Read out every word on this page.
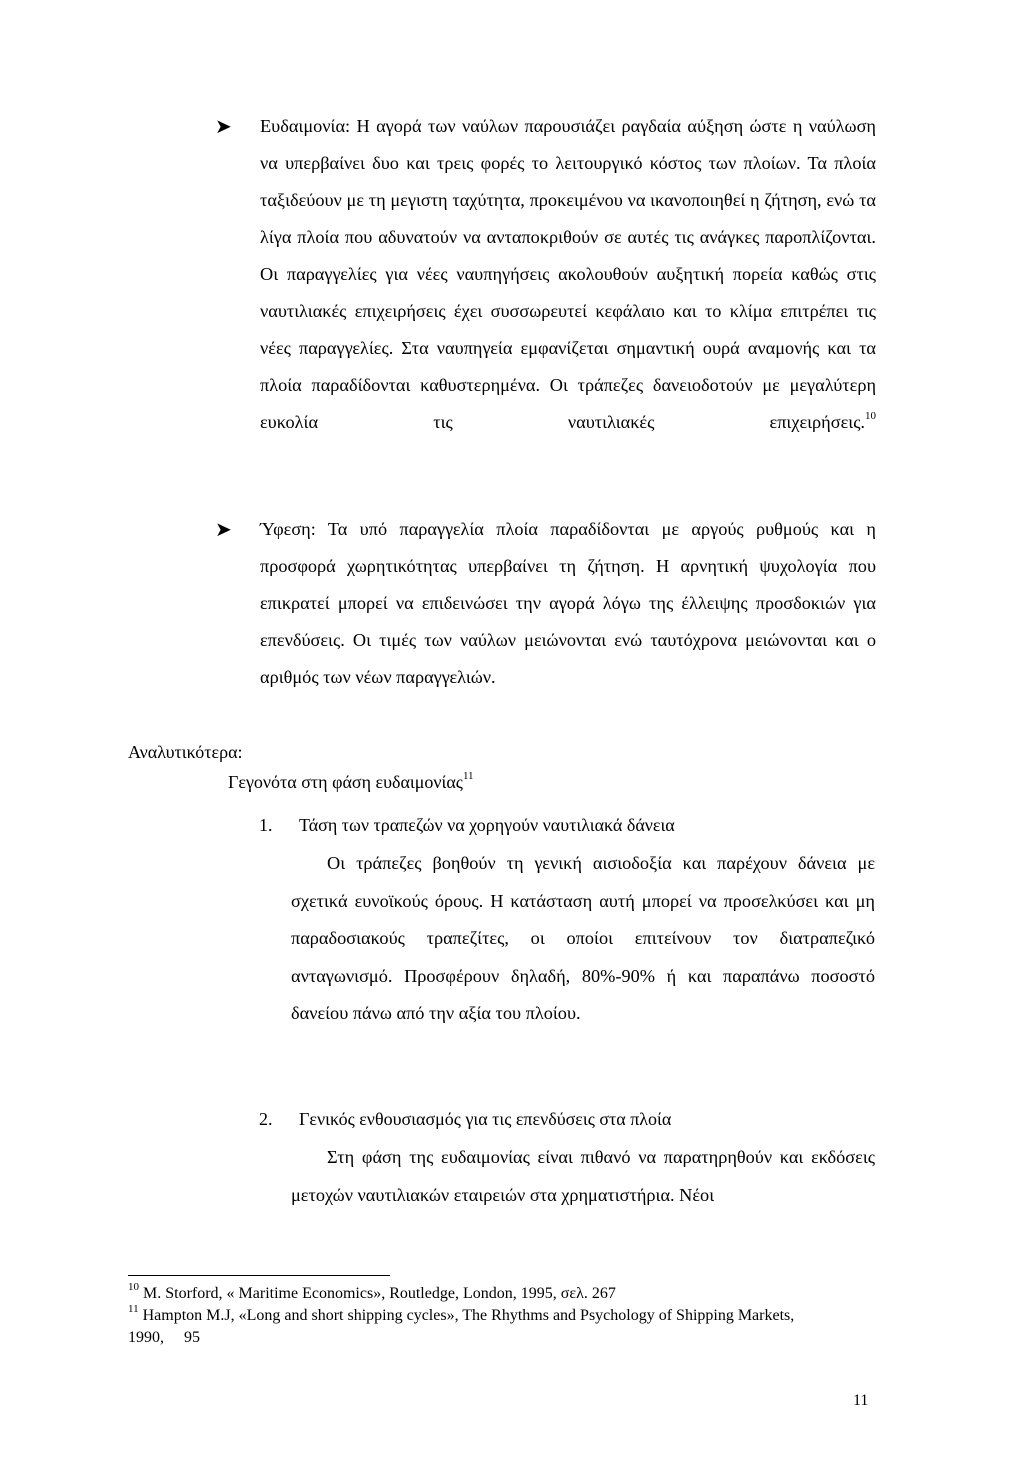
➤	Ευδαιμονία: Η αγορά των ναύλων παρουσιάζει ραγδαία αύξηση ώστε η ναύλωση να υπερβαίνει δυο και τρεις φορές το λειτουργικό κόστος των πλοίων. Τα πλοία ταξιδεύουν με τη μεγιστη ταχύτητα, προκειμένου να ικανοποιηθεί η ζήτηση, ενώ τα λίγα πλοία που αδυνατούν να ανταποκριθούν σε αυτές τις ανάγκες παροπλίζονται. Οι παραγγελίες για νέες ναυπηγήσεις ακολουθούν αυξητική πορεία καθώς στις ναυτιλιακές επιχειρήσεις έχει συσσωρευτεί κεφάλαιο και το κλίμα επιτρέπει τις νέες παραγγελίες. Στα ναυπηγεία εμφανίζεται σημαντική ουρά αναμονής και τα πλοία παραδίδονται καθυστερημένα. Οι τράπεζες δανειοδοτούν με μεγαλύτερη ευκολία τις ναυτιλιακές επιχειρήσεις.$^{10}$
➤	Ύφεση: Τα υπό παραγγελία πλοία παραδίδονται με αργούς ρυθμούς και η προσφορά χωρητικότητας υπερβαίνει τη ζήτηση. Η αρνητική ψυχολογία που επικρατεί μπορεί να επιδεινώσει την αγορά λόγω της έλλειψης προσδοκιών για επενδύσεις. Οι τιμές των ναύλων μειώνονται ενώ ταυτόχρονα μειώνονται και ο αριθμός των νέων παραγγελιών.
Αναλυτικότερα:
Γεγονότα στη φάση ευδαιμονίας$^{11}$
1. Τάση των τραπεζών να χορηγούν ναυτιλιακά δάνεια
Οι τράπεζες βοηθούν τη γενική αισιοδοξία και παρέχουν δάνεια με σχετικά ευνοϊκούς όρους. Η κατάσταση αυτή μπορεί να προσελκύσει και μη παραδοσιακούς τραπεζίτες, οι οποίοι επιτείνουν τον διατραπεζικό ανταγωνισμό. Προσφέρουν δηλαδή, 80%-90% ή και παραπάνω ποσοστό δανείου πάνω από την αξία του πλοίου.
2. Γενικός ενθουσιασμός για τις επενδύσεις στα πλοία
Στη φάση της ευδαιμονίας είναι πιθανό να παρατηρηθούν και εκδόσεις μετοχών ναυτιλιακών εταιρειών στα χρηματιστήρια. Νέοι
$^{10}$ M. Storford, « Maritime Economics», Routledge, London, 1995, σελ. 267
$^{11}$ Hampton M.J, «Long and short shipping cycles», The Rhythms and Psychology of Shipping Markets, 1990,     95
11
